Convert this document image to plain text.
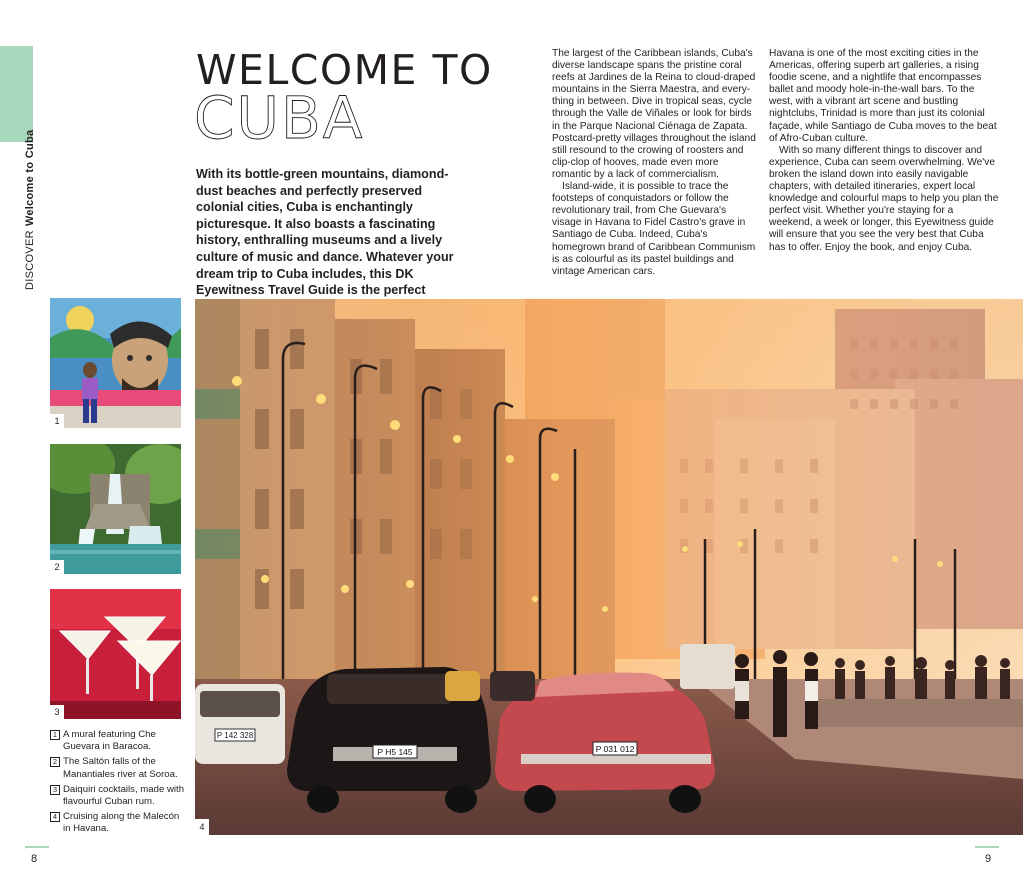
DISCOVERWelcome to Cuba
WELCOME TO
CUBA

With its bottle-green mountains, diamond-dust beaches and perfectly preserved colonial cities, Cuba is enchantingly picturesque. It also boasts a fascinating history, enthralling museums and a lively culture of music and dance. Whatever your dream trip to Cuba includes, this DK Eyewitness Travel Guide is the perfect

The largest of the Caribbean islands, Cuba's diverse landscape spans the pristine coral reefs at Jardines de la Reina to cloud-draped mountains in the Sierra Maestra, and every-thing in between. Dive in tropical seas, cycle through the Valle de Viñales or look for birds in the Parque Nacional Ciénaga de Zapata. Postcard-pretty villages throughout the island still resound to the crowing of roosters and clip-clop of hooves, made even more romantic by a lack of commercialism.

Island-wide, it is possible to trace the footsteps of conquistadors or follow the revolutionary trail, from Che Guevara's visage in Havana to Fidel Castro's grave in Santiago de Cuba. Indeed, Cuba's homegrown brand of Caribbean Communism is as colourful as its pastel buildings and vintage American cars.

Havana is one of the most exciting cities in the Americas, offering superb art galleries, a rising foodie scene, and a nightlife that encompasses ballet and moody hole-in-the-wall bars. To the west, with a vibrant art scene and bustling nightclubs, Trinidad is more than just its colonial façade, while Santiago de Cuba moves to the beat of Afro-Cuban culture.

With so many different things to discover and experience, Cuba can seem overwhelming. We've broken the island down into easily navigable chapters, with detailed itineraries, expert local knowledge and colourful maps to help you plan the perfect visit. Whether you're staying for a weekend, a week or longer, this Eyewitness guide will ensure that you see the very best that Cuba has to offer. Enjoy the book, and enjoy Cuba.

1
2
3
P 142 328
P H5 145	P 031 012
4
1 A mural featuring Che Guevara in Baracoa.
2 The Saltón falls of the Manantiales river at Soroa.
3 Daiquiri cocktails, made with flavourful Cuban rum.
4 Cruising along the Malecón in Havana.
8	9
